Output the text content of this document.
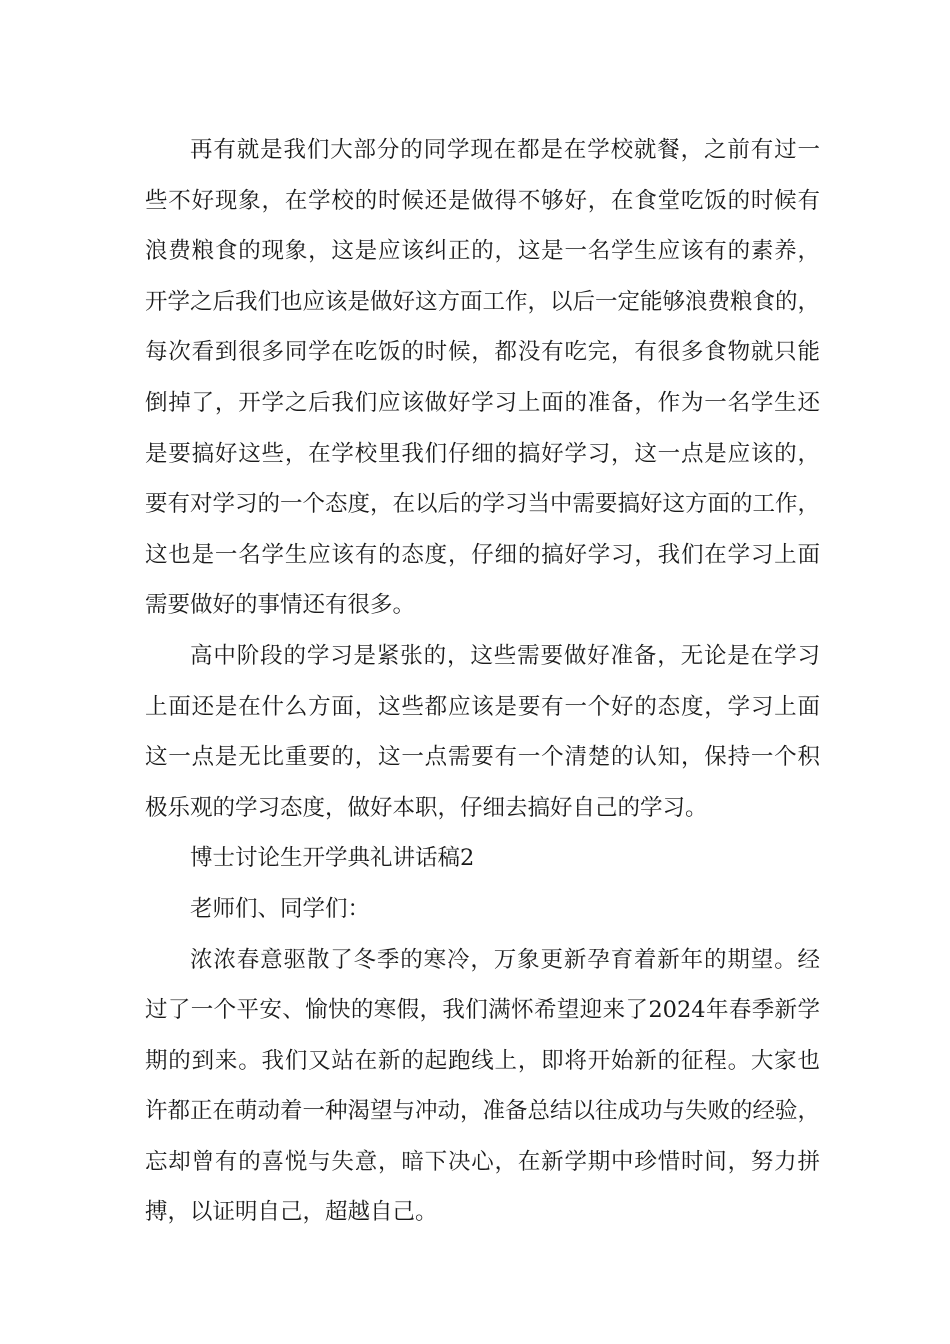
再有就是我们大部分的同学现在都是在学校就餐，之前有过一
些不好现象，在学校的时候还是做得不够好，在食堂吃饭的时候有
浪费粮食的现象，这是应该纠正的，这是一名学生应该有的素养，
开学之后我们也应该是做好这方面工作，以后一定能够浪费粮食的，
每次看到很多同学在吃饭的时候，都没有吃完，有很多食物就只能
倒掉了，开学之后我们应该做好学习上面的准备，作为一名学生还
是要搞好这些，在学校里我们仔细的搞好学习，这一点是应该的，
要有对学习的一个态度，在以后的学习当中需要搞好这方面的工作，
这也是一名学生应该有的态度，仔细的搞好学习，我们在学习上面
需要做好的事情还有很多。
高中阶段的学习是紧张的，这些需要做好准备，无论是在学习
上面还是在什么方面，这些都应该是要有一个好的态度，学习上面
这一点是无比重要的，这一点需要有一个清楚的认知，保持一个积
极乐观的学习态度，做好本职，仔细去搞好自己的学习。
博士讨论生开学典礼讲话稿2
老师们、同学们：
浓浓春意驱散了冬季的寒冷，万象更新孕育着新年的期望。经
过了一个平安、愉快的寒假，我们满怀希望迎来了2024年春季新学
期的到来。我们又站在新的起跑线上，即将开始新的征程。大家也
许都正在萌动着一种渴望与冲动，准备总结以往成功与失败的经验，
忘却曾有的喜悦与失意，暗下决心，在新学期中珍惜时间，努力拼
搏，以证明自己，超越自己。
